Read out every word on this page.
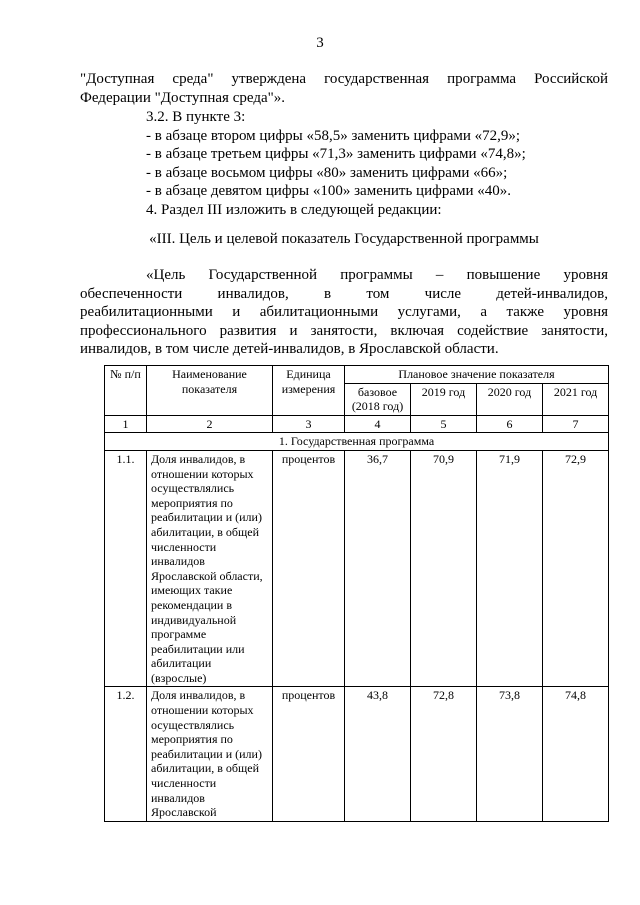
3
"Доступная среда" утверждена государственная программа Российской
Федерации "Доступная среда"».
3.2. В пункте 3:
- в абзаце втором цифры «58,5» заменить цифрами «72,9»;
- в абзаце третьем цифры «71,3» заменить цифрами «74,8»;
- в абзаце восьмом цифры «80» заменить цифрами «66»;
- в абзаце девятом цифры «100» заменить цифрами «40».
4. Раздел III изложить в следующей редакции:
«III. Цель и целевой показатель Государственной программы
«Цель Государственной программы – повышение уровня
обеспеченности инвалидов, в том числе детей-инвалидов,
реабилитационными и абилитационными услугами, а также уровня
профессионального развития и занятости, включая содействие занятости,
инвалидов, в том числе детей-инвалидов, в Ярославской области.
№ п/п	Наименование показателя	Единица измерения	Плановое значение показателя			
			базовое (2018 год)	2019 год	2020 год	2021 год
1	2	3	4	5	6	7
1. Государственная программа						
1.1.	Доля инвалидов, в отношении которых осуществлялись мероприятия по реабилитации и (или) абилитации, в общей численности инвалидов Ярославской области, имеющих такие рекомендации в индивидуальной программе реабилитации или абилитации (взрослые)	процентов	36,7	70,9	71,9	72,9
1.2.	Доля инвалидов, в отношении которых осуществлялись мероприятия по реабилитации и (или) абилитации, в общей численности инвалидов Ярославской	процентов	43,8	72,8	73,8	74,8
